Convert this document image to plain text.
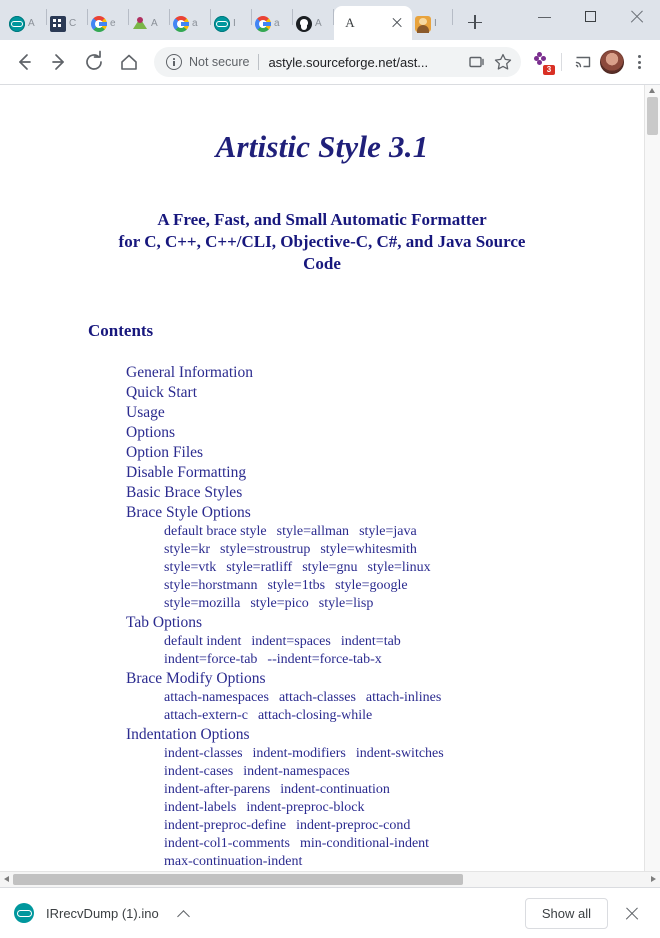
A	C	e	A	a	I	a	A A	I
Not secure astyle.sourceforge.net/ast...	3
Artistic Style 3.1
A Free, Fast, and Small Automatic Formatter
for C, C++, C++/CLI, Objective-C, C#, and Java Source
Code
Contents
General Information
Quick Start
Usage
Options
Option Files
Disable Formatting
Basic Brace Styles
Brace Style Options
default brace style style=allman style=java
style=kr style=stroustrup style=whitesmith
style=vtk style=ratliff style=gnu style=linux
style=horstmann style=1tbs style=google
style=mozilla style=pico style=lisp
Tab Options
default indent indent=spaces indent=tab
indent=force-tab --indent=force-tab-x
Brace Modify Options
attach-namespaces attach-classes attach-inlines
attach-extern-c attach-closing-while
Indentation Options
indent-classes indent-modifiers indent-switches
indent-cases indent-namespaces
indent-after-parens indent-continuation
indent-labels indent-preproc-block
indent-preproc-define indent-preproc-cond
indent-col1-comments min-conditional-indent
max-continuation-indent
IRrecvDump (1).ino	Show all
